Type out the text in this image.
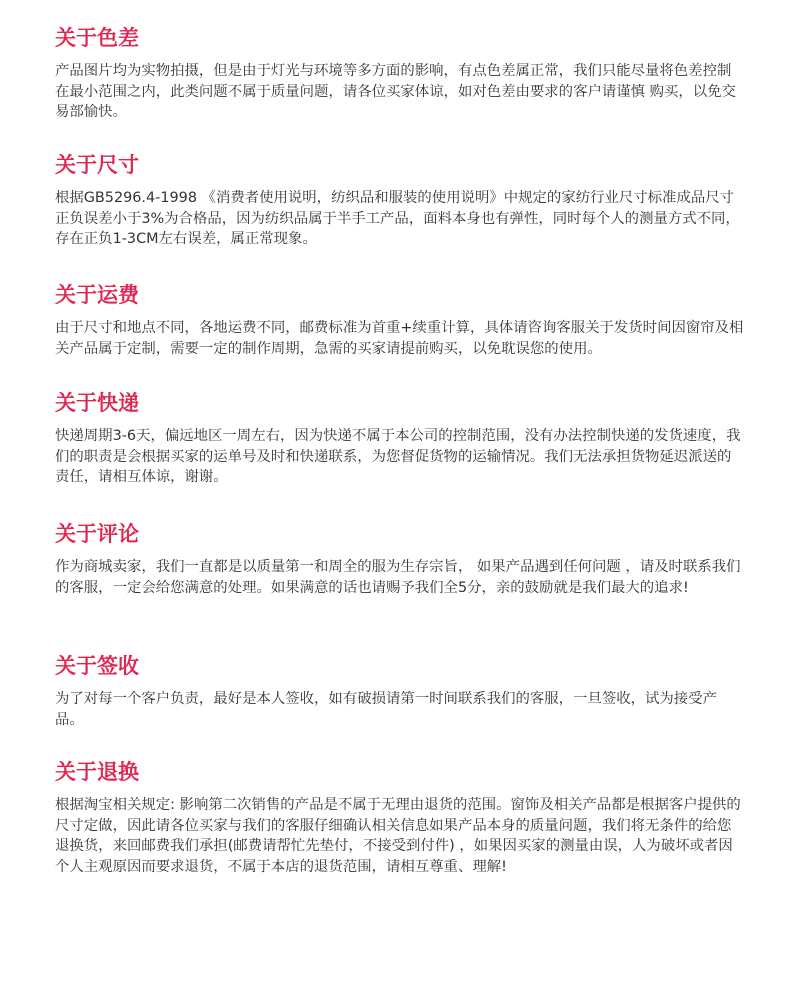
关于色差

产品图片均为实物拍摄，但是由于灯光与环境等多方面的影响，有点色差属正常，我们只能尽量将色差控制在最小范围之内，此类问题不属于质量问题，请各位买家体谅，如对色差由要求的客户请谨慎 购买，以免交易部愉快。

关于尺寸

根据GB5296.4-1998 《消费者使用说明，纺织品和服装的使用说明》中规定的家纺行业尺寸标准成品尺寸正负误差小于3%为合格品，因为纺织品属于半手工产品，面料本身也有弹性，同时每个人的测量方式不同，存在正负1-3CM左右误差，属正常现象。

关于运费

由于尺寸和地点不同，各地运费不同，邮费标准为首重+续重计算，具体请咨询客服关于发货时间因窗帘及相关产品属于定制，需要一定的制作周期，急需的买家请提前购买，以免耽误您的使用。

关于快递

快递周期3-6天，偏远地区一周左右，因为快递不属于本公司的控制范围，没有办法控制快递的发货速度，我们的职责是会根据买家的运单号及时和快递联系，为您督促货物的运输情况。我们无法承担货物延迟派送的责任，请相互体谅，谢谢。

关于评论

作为商城卖家，我们一直都是以质量第一和周全的服为生存宗旨， 如果产品遇到任何问题 ，请及时联系我们的客服，一定会给您满意的处理。如果满意的话也请赐予我们全5分，亲的鼓励就是我们最大的追求!

关于签收

为了对每一个客户负责，最好是本人签收，如有破损请第一时间联系我们的客服，一旦签收，试为接受产品。

关于退换

根据淘宝相关规定: 影响第二次销售的产品是不属于无理由退货的范围。窗饰及相关产品都是根据客户提供的尺寸定做，因此请各位买家与我们的客服仔细确认相关信息如果产品本身的质量问题，我们将无条件的给您退换货，来回邮费我们承担(邮费请帮忙先垫付，不接受到付件) ，如果因买家的测量由误，人为破坏或者因个人主观原因而要求退货，不属于本店的退货范围，请相互尊重、理解!
